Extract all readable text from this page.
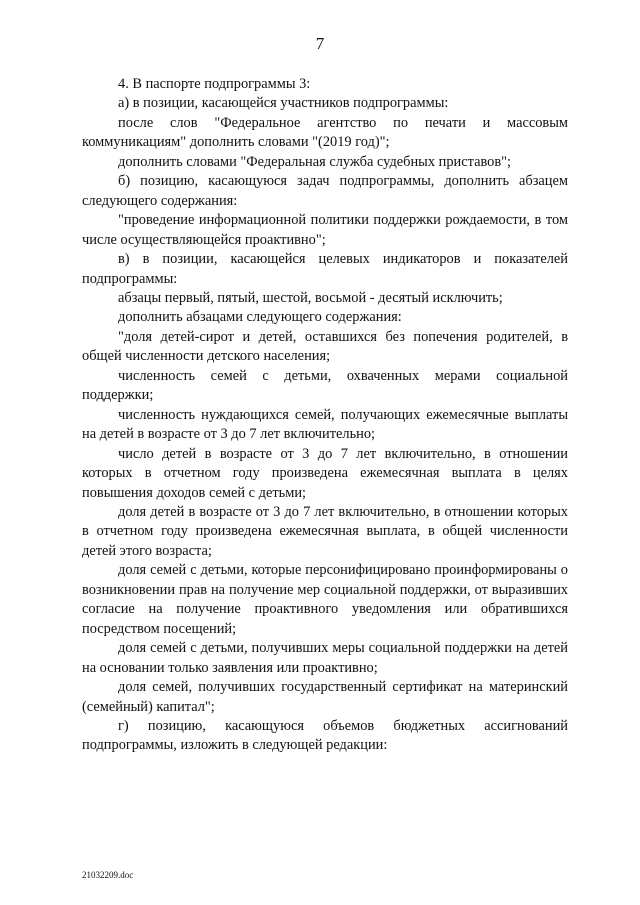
7

4. В паспорте подпрограммы 3:

а) в позиции, касающейся участников подпрограммы:

после слов "Федеральное агентство по печати и массовым коммуникациям" дополнить словами "(2019 год)";

дополнить словами "Федеральная служба судебных приставов";

б) позицию, касающуюся задач подпрограммы, дополнить абзацем следующего содержания:

"проведение информационной политики поддержки рождаемости, в том числе осуществляющейся проактивно";

в) в позиции, касающейся целевых индикаторов и показателей подпрограммы:

абзацы первый, пятый, шестой, восьмой - десятый исключить;

дополнить абзацами следующего содержания:

"доля детей-сирот и детей, оставшихся без попечения родителей, в общей численности детского населения;

численность семей с детьми, охваченных мерами социальной поддержки;

численность нуждающихся семей, получающих ежемесячные выплаты на детей в возрасте от 3 до 7 лет включительно;

число детей в возрасте от 3 до 7 лет включительно, в отношении которых в отчетном году произведена ежемесячная выплата в целях повышения доходов семей с детьми;

доля детей в возрасте от 3 до 7 лет включительно, в отношении которых в отчетном году произведена ежемесячная выплата, в общей численности детей этого возраста;

доля семей с детьми, которые персонифицировано проинформированы о возникновении прав на получение мер социальной поддержки, от выразивших согласие на получение проактивного уведомления или обратившихся посредством посещений;

доля семей с детьми, получивших меры социальной поддержки на детей на основании только заявления или проактивно;

доля семей, получивших государственный сертификат на материнский (семейный) капитал";

г) позицию, касающуюся объемов бюджетных ассигнований подпрограммы, изложить в следующей редакции:

21032209.doc
